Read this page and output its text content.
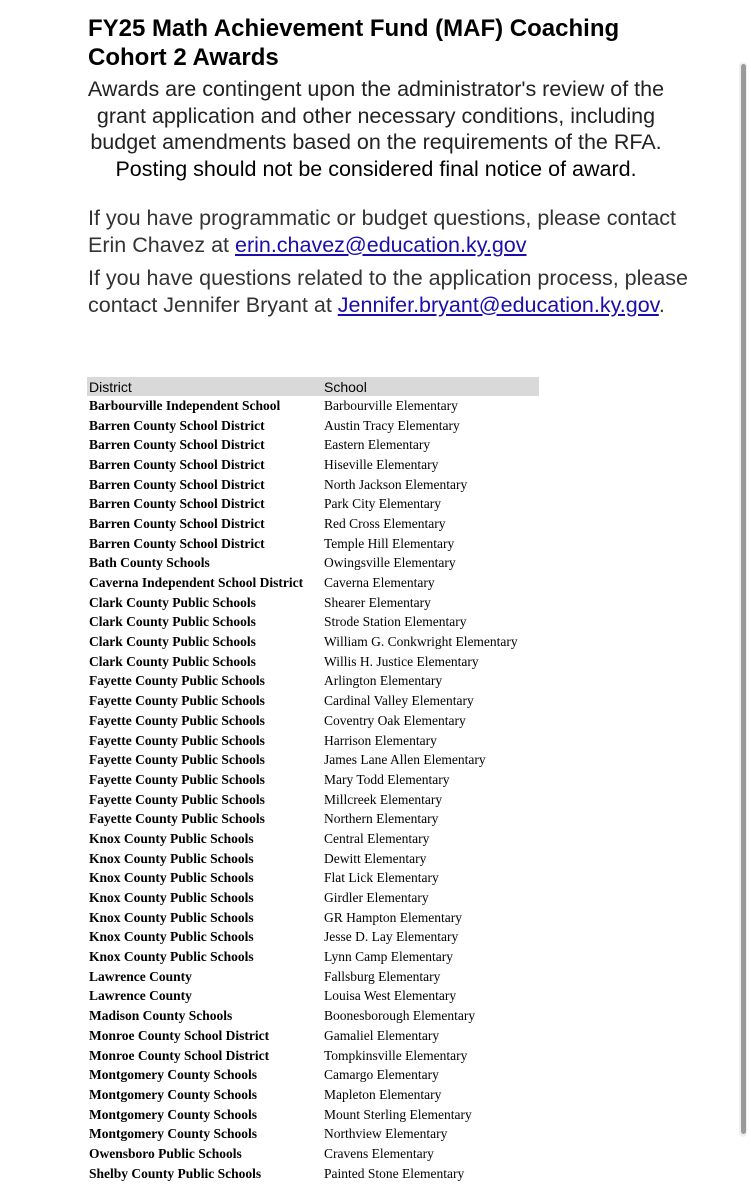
FY25 Math Achievement Fund (MAF) Coaching Cohort 2 Awards
Awards are contingent upon the administrator's review of the grant application and other necessary conditions, including budget amendments based on the requirements of the RFA.
Posting should not be considered final notice of award.
If you have programmatic or budget questions, please contact Erin Chavez at erin.chavez@education.ky.gov
If you have questions related to the application process, please contact Jennifer Bryant at Jennifer.bryant@education.ky.gov.
District	School
Barbourville Independent School	Barbourville Elementary
Barren County School District	Austin Tracy Elementary
Barren County School District	Eastern Elementary
Barren County School District	Hiseville Elementary
Barren County School District	North Jackson Elementary
Barren County School District	Park City Elementary
Barren County School District	Red Cross Elementary
Barren County School District	Temple Hill Elementary
Bath County Schools	Owingsville Elementary
Caverna Independent School District	Caverna Elementary
Clark County Public Schools	Shearer Elementary
Clark County Public Schools	Strode Station Elementary
Clark County Public Schools	William G. Conkwright Elementary
Clark County Public Schools	Willis H. Justice Elementary
Fayette County Public Schools	Arlington Elementary
Fayette County Public Schools	Cardinal Valley Elementary
Fayette County Public Schools	Coventry Oak Elementary
Fayette County Public Schools	Harrison Elementary
Fayette County Public Schools	James Lane Allen Elementary
Fayette County Public Schools	Mary Todd Elementary
Fayette County Public Schools	Millcreek Elementary
Fayette County Public Schools	Northern Elementary
Knox County Public Schools	Central Elementary
Knox County Public Schools	Dewitt Elementary
Knox County Public Schools	Flat Lick Elementary
Knox County Public Schools	Girdler Elementary
Knox County Public Schools	GR Hampton Elementary
Knox County Public Schools	Jesse D. Lay Elementary
Knox County Public Schools	Lynn Camp Elementary
Lawrence County	Fallsburg Elementary
Lawrence County	Louisa West Elementary
Madison County Schools	Boonesborough Elementary
Monroe County School District	Gamaliel Elementary
Monroe County School District	Tompkinsville Elementary
Montgomery County Schools	Camargo Elementary
Montgomery County Schools	Mapleton Elementary
Montgomery County Schools	Mount Sterling Elementary
Montgomery County Schools	Northview Elementary
Owensboro Public Schools	Cravens Elementary
Shelby County Public Schools	Painted Stone Elementary
